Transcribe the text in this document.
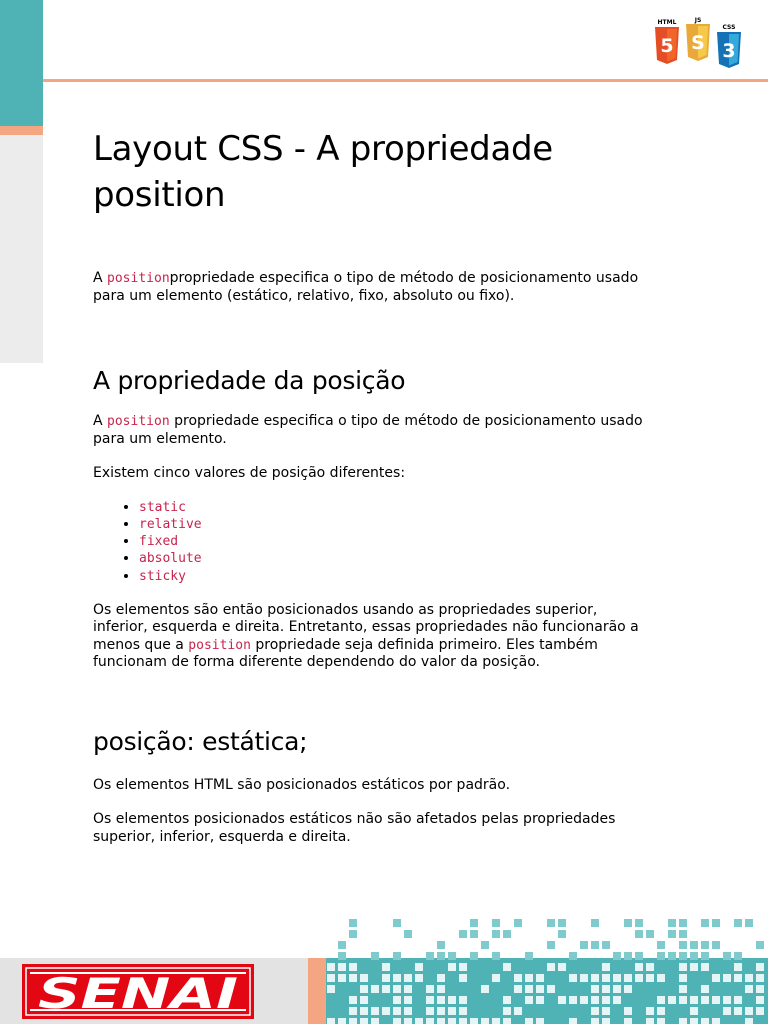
HTML
5
JS
S
CSS
3
Layout CSS - A propriedade position

A positionpropriedade especifica o tipo de método de posicionamento usado para um elemento (estático, relativo, fixo, absoluto ou fixo).

A propriedade da posição

A position propriedade especifica o tipo de método de posicionamento usado para um elemento.

Existem cinco valores de posição diferentes:

• static
• relative
• fixed
• absolute
• sticky

Os elementos são então posicionados usando as propriedades superior, inferior, esquerda e direita. Entretanto, essas propriedades não funcionarão a menos que a position propriedade seja definida primeiro. Eles também funcionam de forma diferente dependendo do valor da posição.

posição: estática;

Os elementos HTML são posicionados estáticos por padrão.

Os elementos posicionados estáticos não são afetados pelas propriedades superior, inferior, esquerda e direita.

SENAI
